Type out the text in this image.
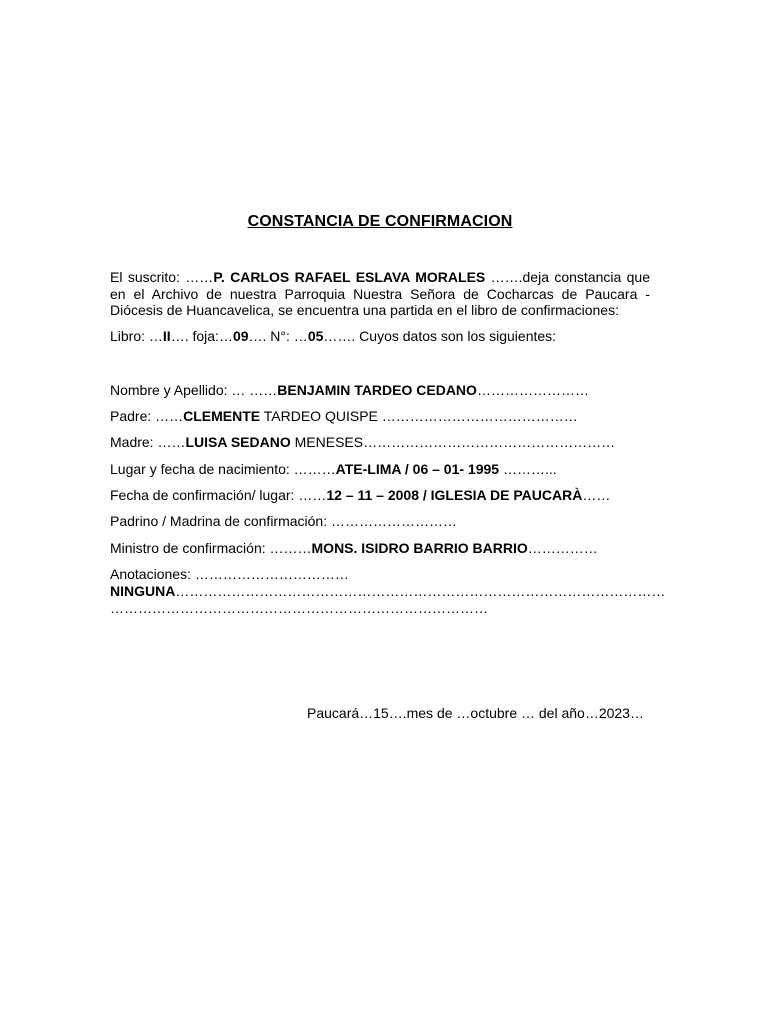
CONSTANCIA DE CONFIRMACION
El suscrito: ……P. CARLOS RAFAEL ESLAVA MORALES …….deja constancia que en el Archivo de nuestra Parroquia Nuestra Señora de Cocharcas de Paucara - Diócesis de Huancavelica, se encuentra una partida en el libro de confirmaciones:
Libro: …II…. foja:…09…. N°: …05……. Cuyos datos son los siguientes:
Nombre y Apellido: … ……BENJAMIN TARDEO CEDANO……………………
Padre: ……CLEMENTE TARDEO QUISPE ……………………………………
Madre: ……LUISA SEDANO MENESES………………………………………………
Lugar y fecha de nacimiento: ………ATE-LIMA / 06 – 01- 1995 ………...
Fecha de confirmación/ lugar: ……12 – 11 – 2008 / IGLESIA DE PAUCARÀ……
Padrino / Madrina de confirmación: ………………………
Ministro de confirmación: ………MONS. ISIDRO BARRIO BARRIO……………
Anotaciones: ……………………………
NINGUNA……………………………………………………………………………………………
………………………………………………………………………
Paucará…15….mes de …octubre … del año…2023…
